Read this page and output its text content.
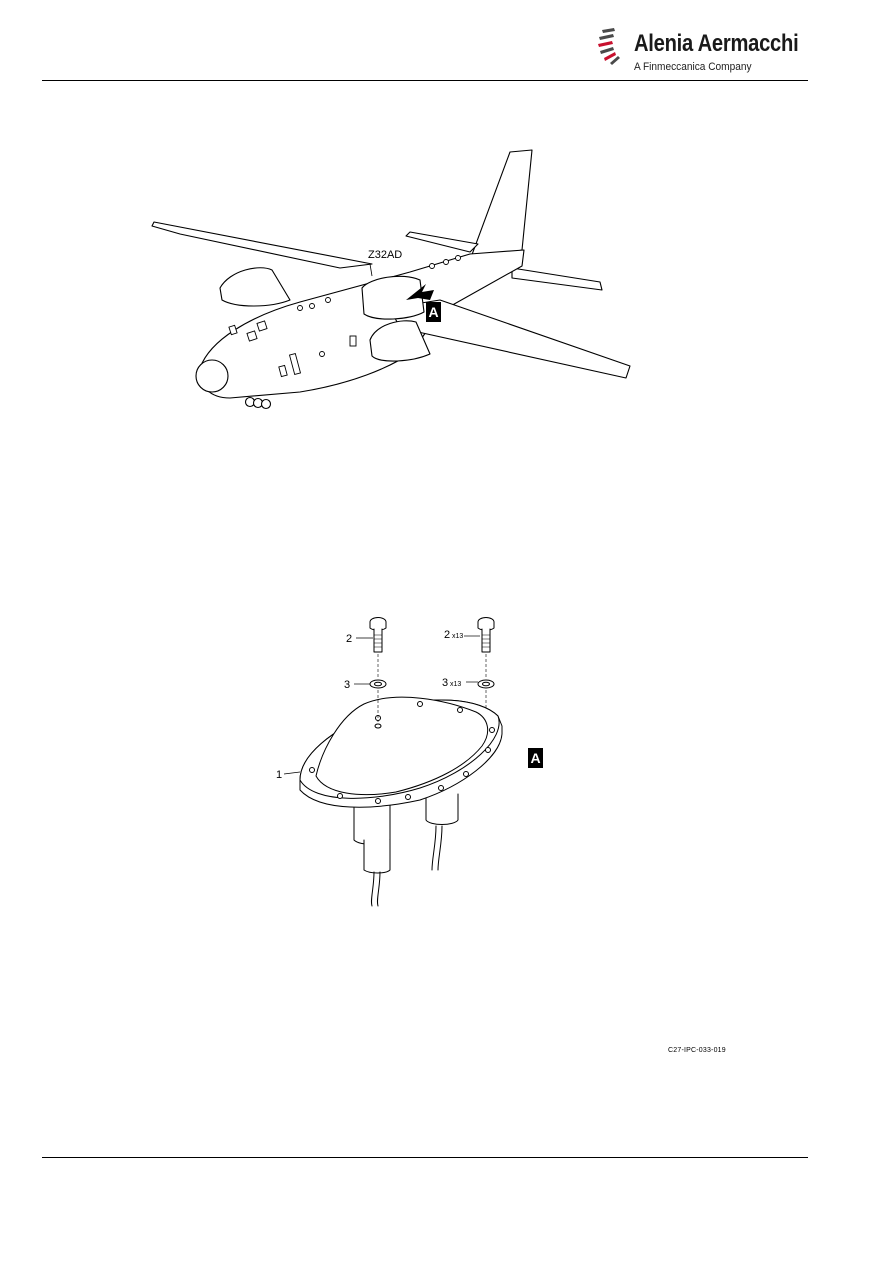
Alenia Aermacchi
A Finmeccanica Company
Z32AD
A
2	2 x13
3	3 x13
1
A
C27-IPC-033-019
